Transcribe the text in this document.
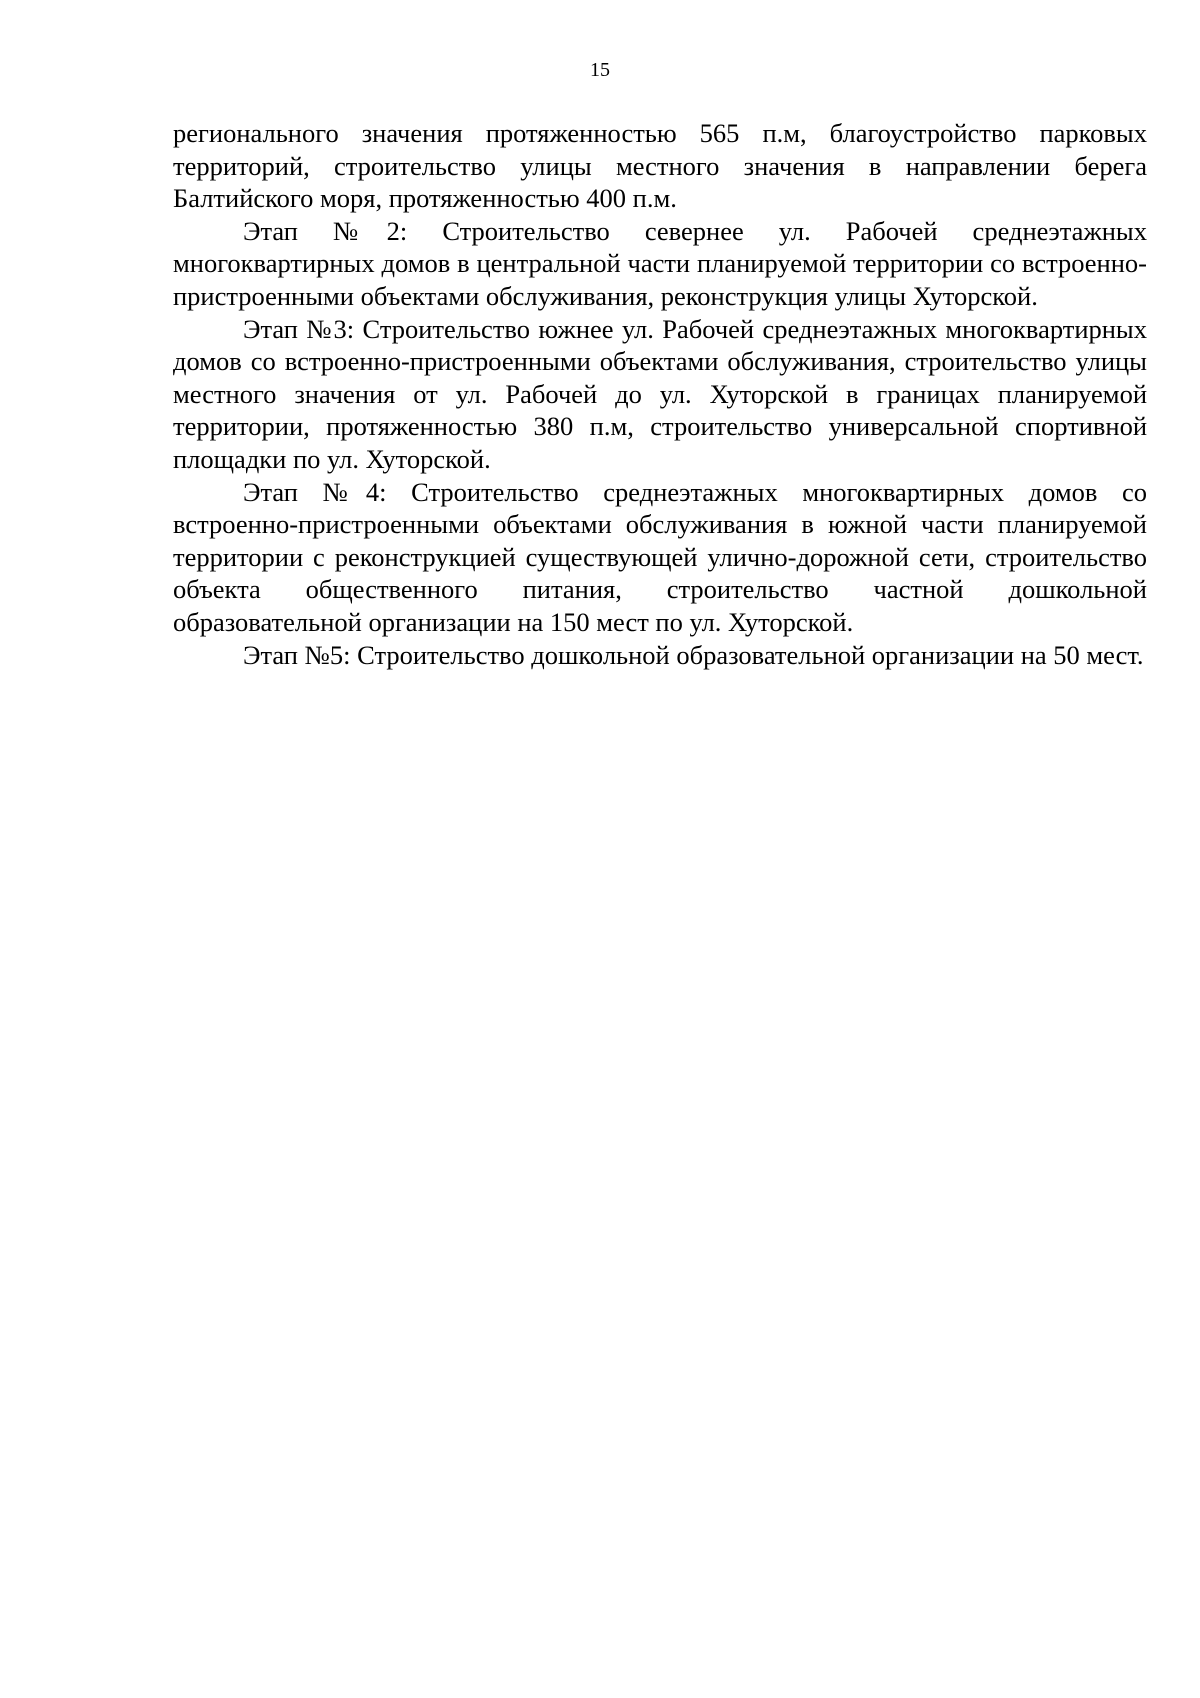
15

регионального значения протяженностью 565 п.м, благоустройство парковых территорий, строительство улицы местного значения в направлении берега Балтийского моря, протяженностью 400 п.м.

Этап №2: Строительство севернее ул. Рабочей среднеэтажных многоквартирных домов в центральной части планируемой территории со встроенно-пристроенными объектами обслуживания, реконструкция улицы Хуторской.

Этап №3: Строительство южнее ул. Рабочей среднеэтажных многоквартирных домов со встроенно-пристроенными объектами обслуживания, строительство улицы местного значения от ул. Рабочей до ул. Хуторской в границах планируемой территории, протяженностью 380 п.м, строительство универсальной спортивной площадки по ул. Хуторской.

Этап №4: Строительство среднеэтажных многоквартирных домов со встроенно-пристроенными объектами обслуживания в южной части планируемой территории с реконструкцией существующей улично-дорожной сети, строительство объекта общественного питания, строительство частной дошкольной образовательной организации на 150 мест по ул. Хуторской.

Этап №5: Строительство дошкольной образовательной организации на 50 мест.
